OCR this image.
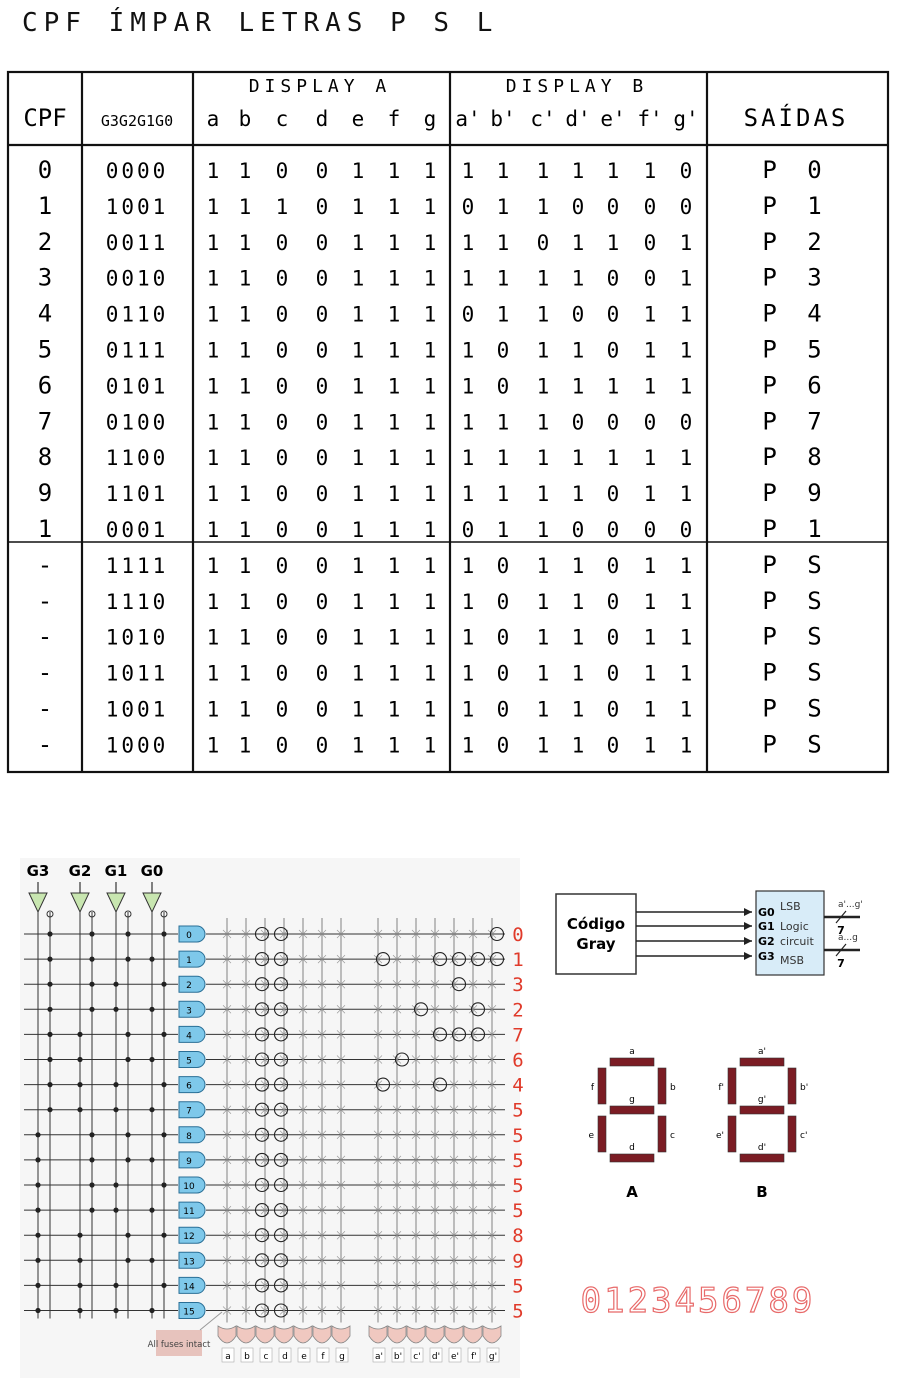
CPF ÍMPAR LETRAS P S L
DISPLAY A	DISPLAY B
CPF G3G2G1G0 a b c d e f g a' b' c' d' e' f' g' SAÍDAS
0	0000 1 1 0 0 1 1 1 1 1 1 1 1 1 0	P 0
1	1001 1 1 1 0 1 1 1 0 1 1 0 0 0 0	P 1
2	0011 1 1 0 0 1 1 1 1 1 0 1 1 0 1	P 2
3	0010 1 1 0 0 1 1 1 1 1 1 1 0 0 1	P 3
4	0110 1 1 0 0 1 1 1 0 1 1 0 0 1 1	P 4
5	0111 1 1 0 0 1 1 1 1 0 1 1 0 1 1	P 5
6	0101 1 1 0 0 1 1 1 1 0 1 1 1 1 1	P 6
7	0100 1 1 0 0 1 1 1 1 1 1 0 0 0 0	P 7
8	1100 1 1 0 0 1 1 1 1 1 1 1 1 1 1	P 8
9	1101 1 1 0 0 1 1 1 1 1 1 1 0 1 1	P 9
1	0001 1 1 0 0 1 1 1 0 1 1 0 0 0 0	P 1
-	1111 1 1 0 0 1 1 1 1 0 1 1 0 1 1	P S
-	1110 1 1 0 0 1 1 1 1 0 1 1 0 1 1	P S
-	1010 1 1 0 0 1 1 1 1 0 1 1 0 1 1	P S
-	1011 1 1 0 0 1 1 1 1 0 1 1 0 1 1	P S
-	1001 1 1 0 0 1 1 1 1 0 1 1 0 1 1	P S
-	1000 1 1 0 0 1 1 1 1 0 1 1 0 1 1	P S
G3 G2 G1 G0
0	0
1	1
2	3
3	2
4	7
5	6
6	4
7	5
8	5
9	5
10	5
11	5
12	8
13	9
14	5
15	5
a b c d e f g	a' b' c' d' e' f' g'
All fuses intact
Código
Gray
G0 LSB
G1 Logic
G2 circuit
G3 MSB
a'...g'
7
a...g
7
a
g
d
f	b
e	c
A
a'
g'
d'
f'	b'
e'	c'
B
0123456789
